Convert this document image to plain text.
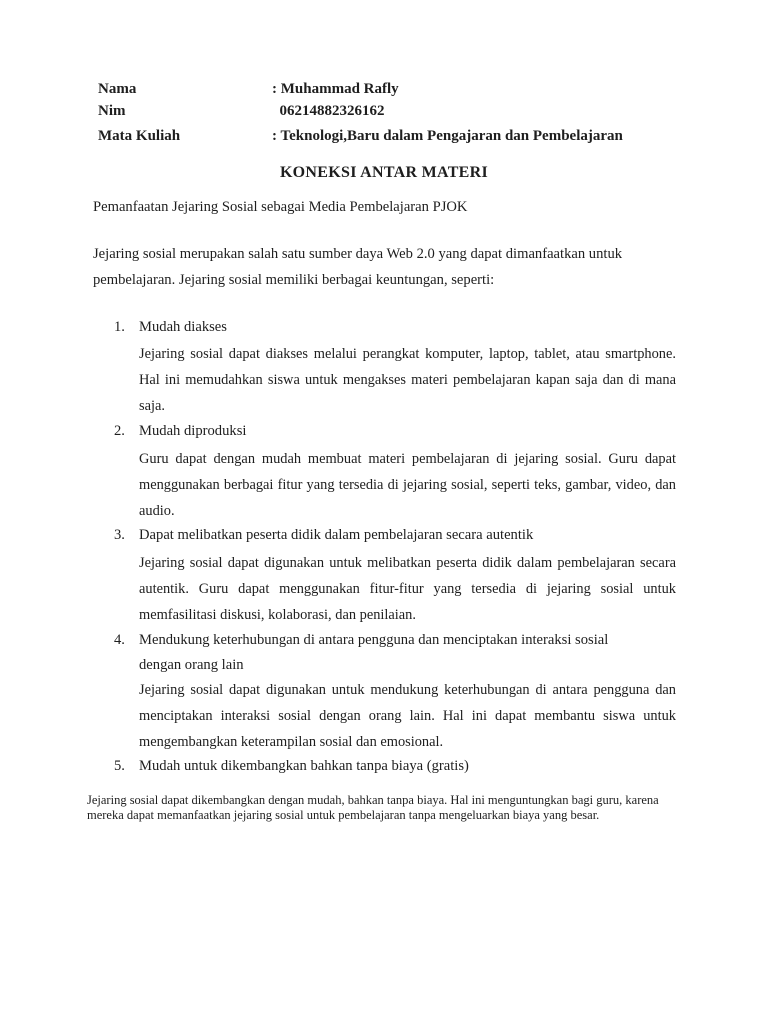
Nama	: Muhammad Rafly
Nim	06214882326162
Mata Kuliah	: Teknologi,Baru dalam Pengajaran dan Pembelajaran
KONEKSI ANTAR MATERI
Pemanfaatan Jejaring Sosial sebagai Media Pembelajaran PJOK
Jejaring sosial merupakan salah satu sumber daya Web 2.0 yang dapat dimanfaatkan untuk
pembelajaran. Jejaring sosial memiliki berbagai keuntungan, seperti:
1. Mudah diakses
Jejaring sosial dapat diakses melalui perangkat komputer, laptop, tablet, atau smartphone. Hal ini memudahkan siswa untuk mengakses materi pembelajaran kapan saja dan di mana saja.
2. Mudah diproduksi
Guru dapat dengan mudah membuat materi pembelajaran di jejaring sosial. Guru dapat menggunakan berbagai fitur yang tersedia di jejaring sosial, seperti teks, gambar, video, dan audio.
3. Dapat melibatkan peserta didik dalam pembelajaran secara autentik
Jejaring sosial dapat digunakan untuk melibatkan peserta didik dalam pembelajaran secara autentik. Guru dapat menggunakan fitur-fitur yang tersedia di jejaring sosial untuk memfasilitasi diskusi, kolaborasi, dan penilaian.
4. Mendukung keterhubungan di antara pengguna dan menciptakan interaksi sosial
dengan orang lain
Jejaring sosial dapat digunakan untuk mendukung keterhubungan di antara pengguna dan menciptakan interaksi sosial dengan orang lain. Hal ini dapat membantu siswa untuk mengembangkan keterampilan sosial dan emosional.
5. Mudah untuk dikembangkan bahkan tanpa biaya (gratis)
Jejaring sosial dapat dikembangkan dengan mudah, bahkan tanpa biaya. Hal ini menguntungkan bagi guru, karena mereka dapat memanfaatkan jejaring sosial untuk pembelajaran tanpa mengeluarkan biaya yang besar.
